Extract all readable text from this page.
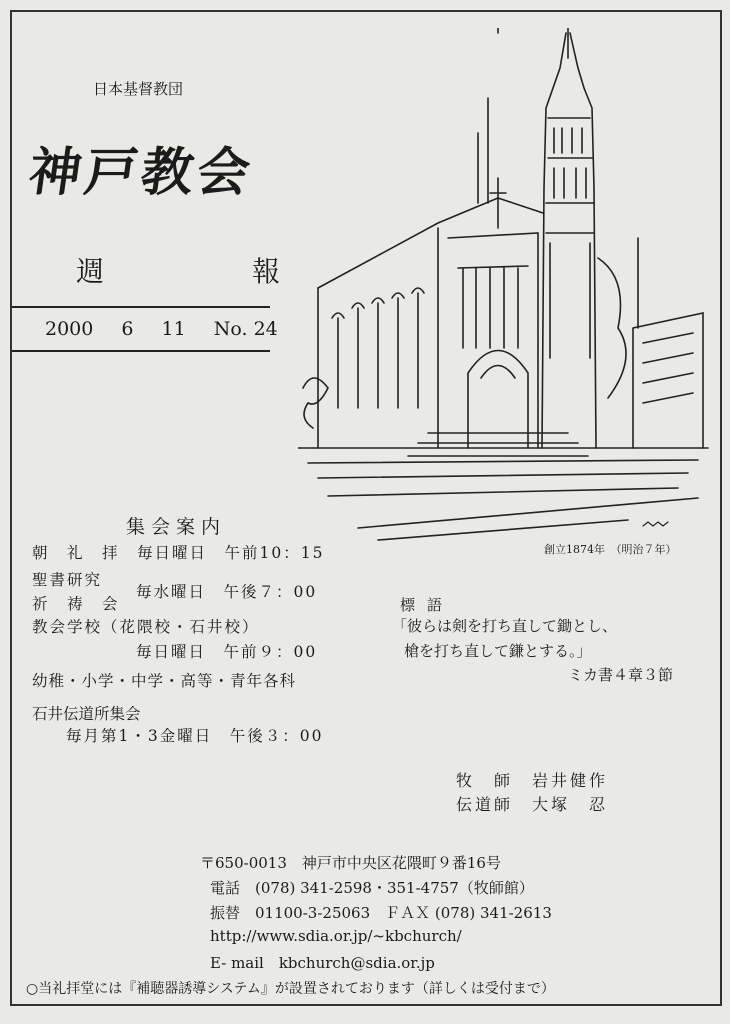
日本基督教団
神戸教会
週　報
2000 6 11 No. 24
創立1874年　（明治７年）
集会案内
朝　礼　拝　毎日曜日　午前10：15
聖書研究
祈　祷　会
毎水曜日　午後７：00
教会学校（花隈校・石井校）
毎日曜日　午前９：00
幼稚・小学・中学・高等・青年各科
石井伝道所集会
毎月第1・3金曜日　午後３：00
標語
「彼らは剣を打ち直して鋤とし、
槍を打ち直して鎌とする。」
ミカ書４章３節
牧　師　岩井健作
伝道師　大塚　忍
〒650-0013　神戸市中央区花隈町９番16号
電話　(078) 341-2598・351-4757（牧師館）
振替　01100-3-25063　ＦＡＸ (078) 341-2613
http://www.sdia.or.jp/~kbchurch/
E- mail　kbchurch@sdia.or.jp
○当礼拝堂には『補聴器誘導システム』が設置されております（詳しくは受付まで）
